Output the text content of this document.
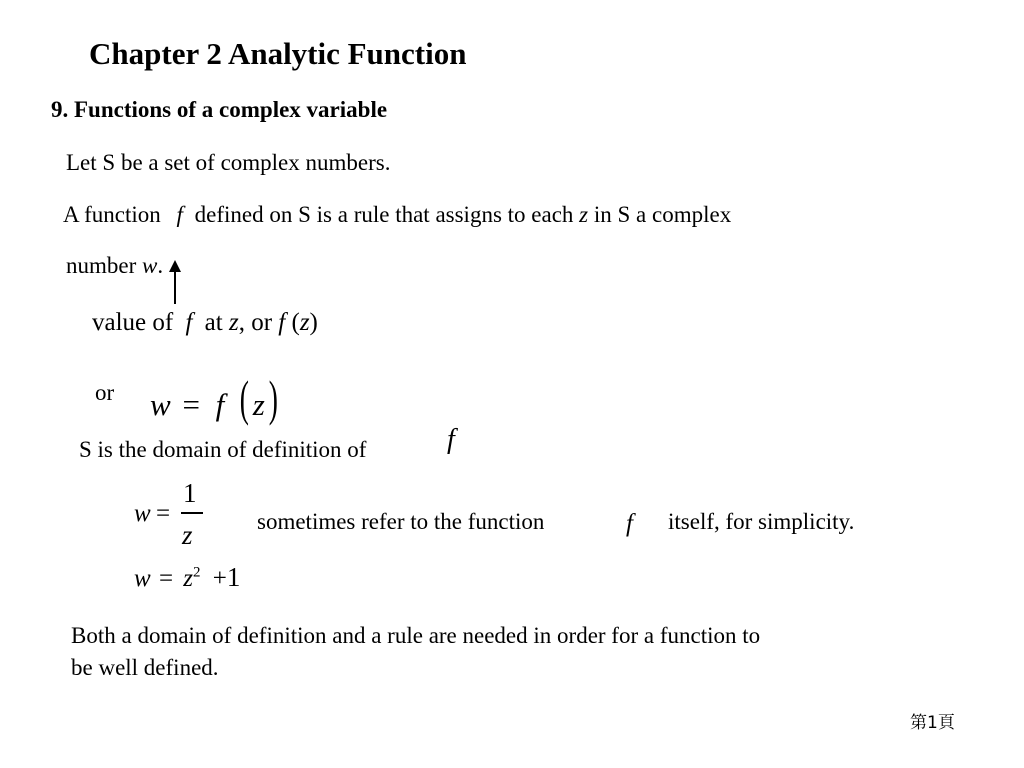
Chapter 2 Analytic Function
9. Functions of a complex variable
Let S be a set of complex numbers.
A function f defined on S is a rule that assigns to each z in S a complex
number w.
value of f at z, or f (z)
or w = f ( z)
S is the domain of definition of	f
w =
1
z	sometimes refer to the function	f itself, for simplicity.
$w = z^2 +1$
Both a domain of definition and a rule are needed in order for a function to
be well defined.
第1頁
